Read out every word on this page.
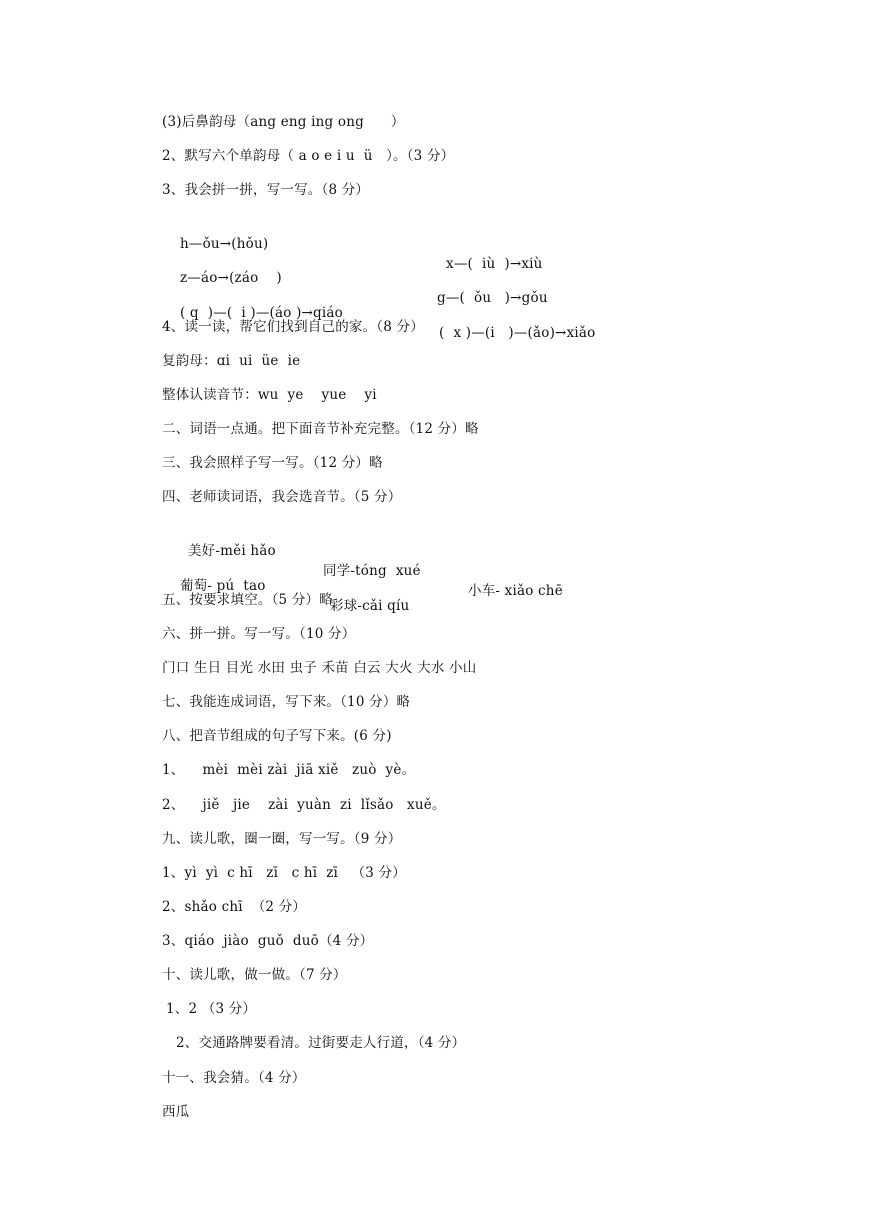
(3)后鼻韵母（ang eng ing ong      ）
2、默写六个单韵母（ a o e i u  ü   ）。（3 分）
3、我会拼一拼，写一写。（8 分）

h—ǒu→(hǒu)

x—(  iù  )→xiù

z—áo→(záo    )

g—(  ǒu   )→gǒu

( q  )—(  i )—(áo )→qiáo

(  x )—(i   )—(ǎo)→xiǎo

4、读一读，帮它们找到自己的家。（8 分）
复韵母：ɑi  ui  üe  ie
整体认读音节：wu  ye    yue    yi
二、词语一点通。把下面音节补充完整。（12 分）略
三、我会照样子写一写。（12 分）略
四、老师读词语，我会选音节。（5 分）

美好-měi hǎo

同学-tóng  xué

小车- xiǎo chē

葡萄- pú  tao

彩球-cǎi qíu

五、按要求填空。（5 分）略
六、拼一拼。写一写。（10 分）
门口 生日 目光 水田 虫子 禾苗 白云 大火 大水 小山
七、我能连成词语，写下来。（10 分）略
八、把音节组成的句子写下来。(6 分)
1、    mèi  mèi zài  jiā xiě   zuò  yè。
2、    jiě   jie    zài  yuàn  zi  lǐsǎo   xuě。
九、读儿歌，圈一圈，写一写。（9 分）
1、yì  yì  c hī   zī   c hī  zī   （3 分）
2、shǎo chī  （2 分）
3、qiáo  jiào  guǒ  duō（4 分）
十、读儿歌，做一做。（7 分）
1、2 （3 分）
2、交通路牌要看清。过街要走人行道，（4 分）
十一、我会猜。（4 分）
西瓜
